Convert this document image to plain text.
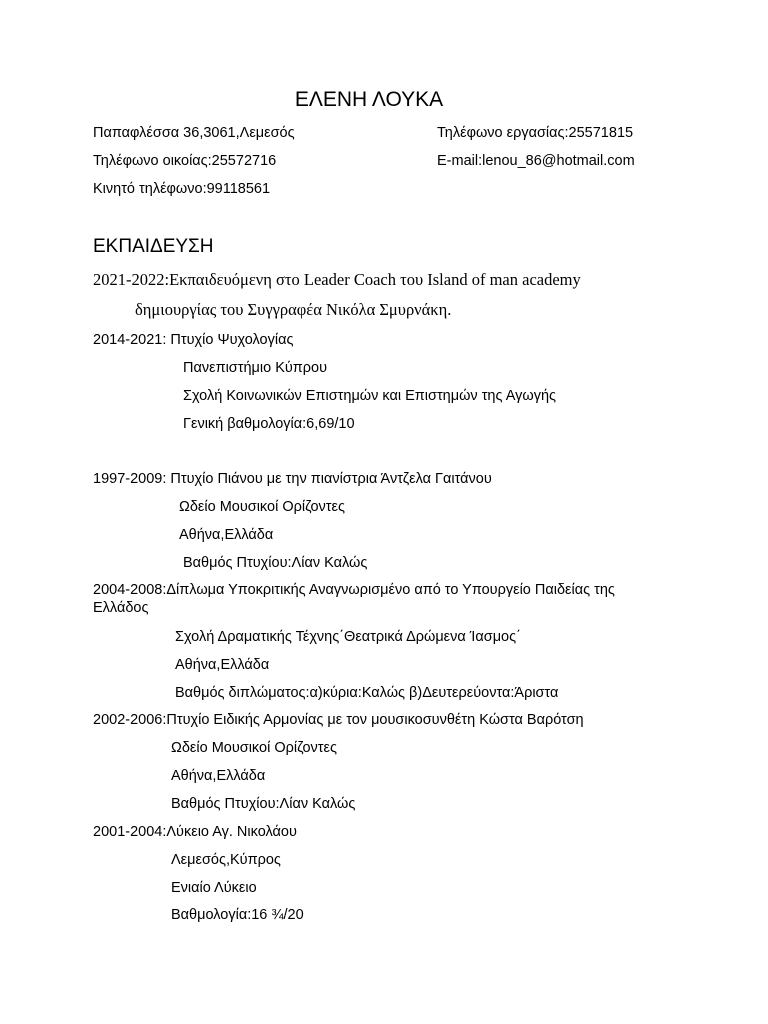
ΕΛΕΝΗ ΛΟΥΚΑ
Παπαφλέσσα 36,3061,Λεμεσός	Τηλέφωνο εργασίας:25571815
Τηλέφωνο οικοίας:25572716	E-mail:lenou_86@hotmail.com
Κινητό τηλέφωνο:99118561
ΕΚΠΑΙΔΕΥΣΗ
2021-2022:Εκπαιδευόμενη στο Leader Coach του Island of man academy
δημιουργίας του Συγγραφέα Νικόλα Σμυρνάκη.
2014-2021: Πτυχίο Ψυχολογίας
Πανεπιστήμιο Κύπρου
Σχολή Κοινωνικών Επιστημών και Επιστημών της Αγωγής
Γενική βαθμολογία:6,69/10
1997-2009: Πτυχίο Πιάνου με την πιανίστρια Άντζελα Γαιτάνου
Ωδείο Μουσικοί Ορίζοντες
Αθήνα,Ελλάδα
Βαθμός Πτυχίου:Λίαν Καλώς
2004-2008:Δίπλωμα Υποκριτικής Αναγνωρισμένο από το Υπουργείο Παιδείας της Ελλάδος
Σχολή Δραματικής Τέχνης΄Θεατρικά Δρώμενα Ίασμος΄
Αθήνα,Ελλάδα
Βαθμός διπλώματος:α)κύρια:Καλώς β)Δευτερεύοντα:Άριστα
2002-2006:Πτυχίο Ειδικής Αρμονίας με τον μουσικοσυνθέτη Κώστα Βαρότση
Ωδείο Μουσικοί Ορίζοντες
Αθήνα,Ελλάδα
Βαθμός Πτυχίου:Λίαν Καλώς
2001-2004:Λύκειο Αγ. Νικολάου
Λεμεσός,Κύπρος
Ενιαίο Λύκειο
Βαθμολογία:16 ¾/20
